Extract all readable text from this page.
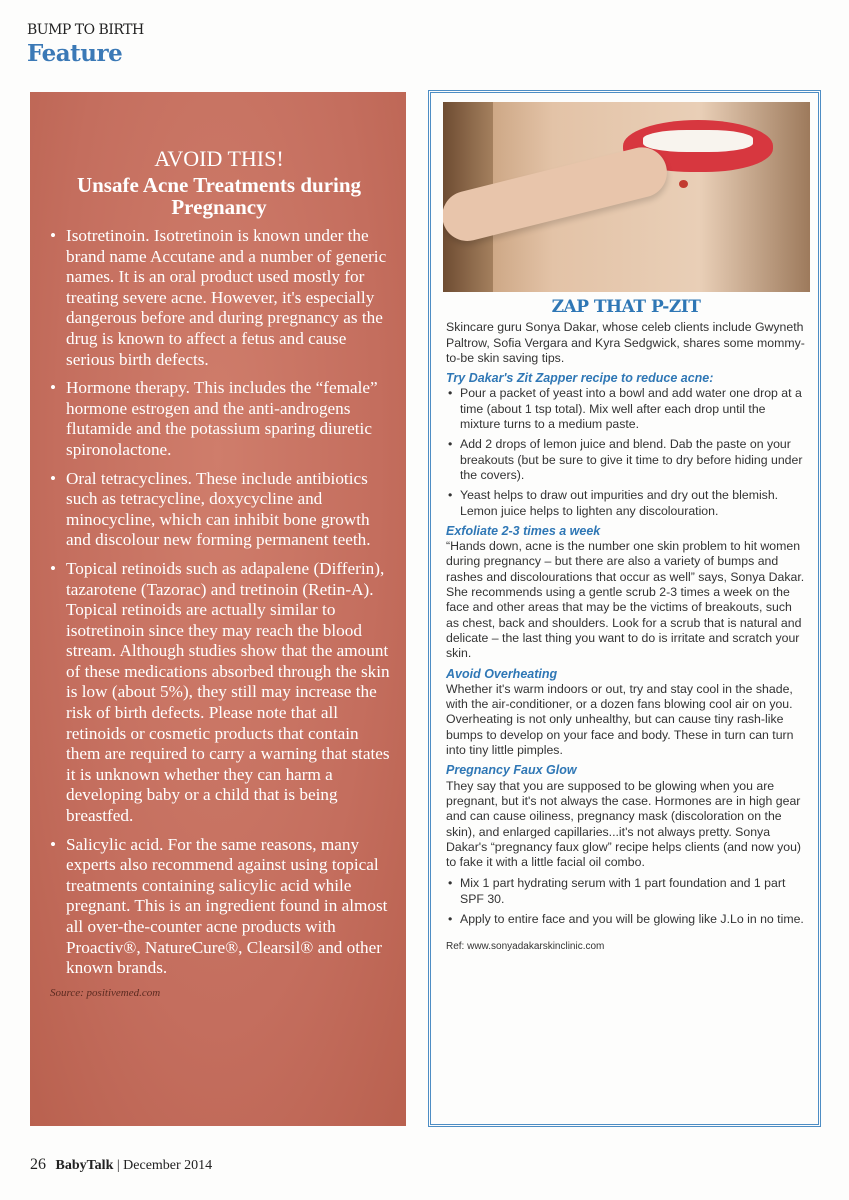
BUMP TO BIRTH
Feature
AVOID THIS!
Unsafe Acne Treatments during Pregnancy
• Isotretinoin. Isotretinoin is known under the brand name Accutane and a number of generic names. It is an oral product used mostly for treating severe acne. However, it's especially dangerous before and during pregnancy as the drug is known to affect a fetus and cause serious birth defects.
• Hormone therapy. This includes the “female” hormone estrogen and the anti-androgens flutamide and the potassium sparing diuretic spironolactone.
• Oral tetracyclines. These include antibiotics such as tetracycline, doxycycline and minocycline, which can inhibit bone growth and discolour new forming permanent teeth.
• Topical retinoids such as adapalene (Differin), tazarotene (Tazorac) and tretinoin (Retin-A). Topical retinoids are actually similar to isotretinoin since they may reach the blood stream. Although studies show that the amount of these medications absorbed through the skin is low (about 5%), they still may increase the risk of birth defects. Please note that all retinoids or cosmetic products that contain them are required to carry a warning that states it is unknown whether they can harm a developing baby or a child that is being breastfed.
• Salicylic acid. For the same reasons, many experts also recommend against using topical treatments containing salicylic acid while pregnant. This is an ingredient found in almost all over-the-counter acne products with Proactiv®, NatureCure®, Clearsil® and other known brands.
Source: positivemed.com
ZAP THAT P-ZIT

Skincare guru Sonya Dakar, whose celeb clients include Gwyneth Paltrow, Sofia Vergara and Kyra Sedgwick, shares some mommy-to-be skin saving tips.

Try Dakar's Zit Zapper recipe to reduce acne:
• Pour a packet of yeast into a bowl and add water one drop at a time (about 1 tsp total). Mix well after each drop until the mixture turns to a medium paste.
• Add 2 drops of lemon juice and blend. Dab the paste on your breakouts (but be sure to give it time to dry before hiding under the covers).
• Yeast helps to draw out impurities and dry out the blemish. Lemon juice helps to lighten any discolouration.
Exfoliate 2-3 times a week

“Hands down, acne is the number one skin problem to hit women during pregnancy – but there are also a variety of bumps and rashes and discolourations that occur as well” says, Sonya Dakar. She recommends using a gentle scrub 2-3 times a week on the face and other areas that may be the victims of breakouts, such as chest, back and shoulders. Look for a scrub that is natural and delicate – the last thing you want to do is irritate and scratch your skin.

Avoid Overheating

Whether it's warm indoors or out, try and stay cool in the shade, with the air-conditioner, or a dozen fans blowing cool air on you. Overheating is not only unhealthy, but can cause tiny rash-like bumps to develop on your face and body. These in turn can turn into tiny little pimples.

Pregnancy Faux Glow

They say that you are supposed to be glowing when you are pregnant, but it's not always the case. Hormones are in high gear and can cause oiliness, pregnancy mask (discoloration on the skin), and enlarged capillaries...it's not always pretty. Sonya Dakar's “pregnancy faux glow” recipe helps clients (and now you) to fake it with a little facial oil combo.

• Mix 1 part hydrating serum with 1 part foundation and 1 part SPF 30.
• Apply to entire face and you will be glowing like J.Lo in no time.
Ref: www.sonyadakarskinclinic.com
26 BabyTalk | December 2014
